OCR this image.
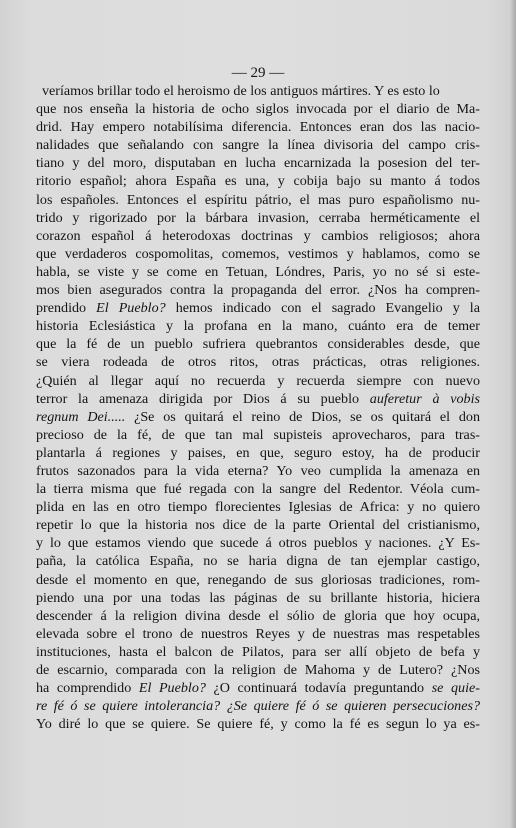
— 29 —
veríamos brillar todo el heroismo de los antiguos mártires. Y es esto lo
que nos enseña la historia de ocho siglos invocada por el diario de Ma-
drid. Hay empero notabilísima diferencia. Entonces eran dos las nacio-
nalidades que señalando con sangre la línea divisoria del campo cris-
tiano y del moro, disputaban en lucha encarnizada la posesion del ter-
ritorio español; ahora España es una, y cobija bajo su manto á todos
los españoles. Entonces el espíritu pátrio, el mas puro españolismo nu-
trido y rigorizado por la bárbara invasion, cerraba herméticamente el
corazon español á heterodoxas doctrinas y cambios religiosos; ahora
que verdaderos cospomolitas, comemos, vestimos y hablamos, como se
habla, se viste y se come en Tetuan, Lóndres, Paris, yo no sé si este-
mos bien asegurados contra la propaganda del error. ¿Nos ha compren-
prendido El Pueblo? hemos indicado con el sagrado Evangelio y la
historia Eclesiástica y la profana en la mano, cuánto era de temer
que la fé de un pueblo sufriera quebrantos considerables desde, que
se viera rodeada de otros ritos, otras prácticas, otras religiones.
¿Quién al llegar aquí no recuerda y recuerda siempre con nuevo
terror la amenaza dirigida por Dios á su pueblo auferetur à vobis
regnum Dei..... ¿Se os quitará el reino de Dios, se os quitará el don
precioso de la fé, de que tan mal supisteis aprovecharos, para tras-
plantarla á regiones y paises, en que, seguro estoy, ha de producir
frutos sazonados para la vida eterna? Yo veo cumplida la amenaza en
la tierra misma que fué regada con la sangre del Redentor. Véola cum-
plida en las en otro tiempo florecientes Iglesias de Africa: y no quiero
repetir lo que la historia nos dice de la parte Oriental del cristianismo,
y lo que estamos viendo que sucede á otros pueblos y naciones. ¿Y Es-
paña, la católica España, no se haria digna de tan ejemplar castigo,
desde el momento en que, renegando de sus gloriosas tradiciones, rom-
piendo una por una todas las páginas de su brillante historia, hiciera
descender á la religion divina desde el sólio de gloria que hoy ocupa,
elevada sobre el trono de nuestros Reyes y de nuestras mas respetables
instituciones, hasta el balcon de Pilatos, para ser allí objeto de befa y
de escarnio, comparada con la religion de Mahoma y de Lutero? ¿Nos
ha comprendido El Pueblo? ¿O continuará todavía preguntando se quie-
re fé ó se quiere intolerancia? ¿Se quiere fé ó se quieren persecuciones?
Yo diré lo que se quiere. Se quiere fé, y como la fé es segun lo ya es-
